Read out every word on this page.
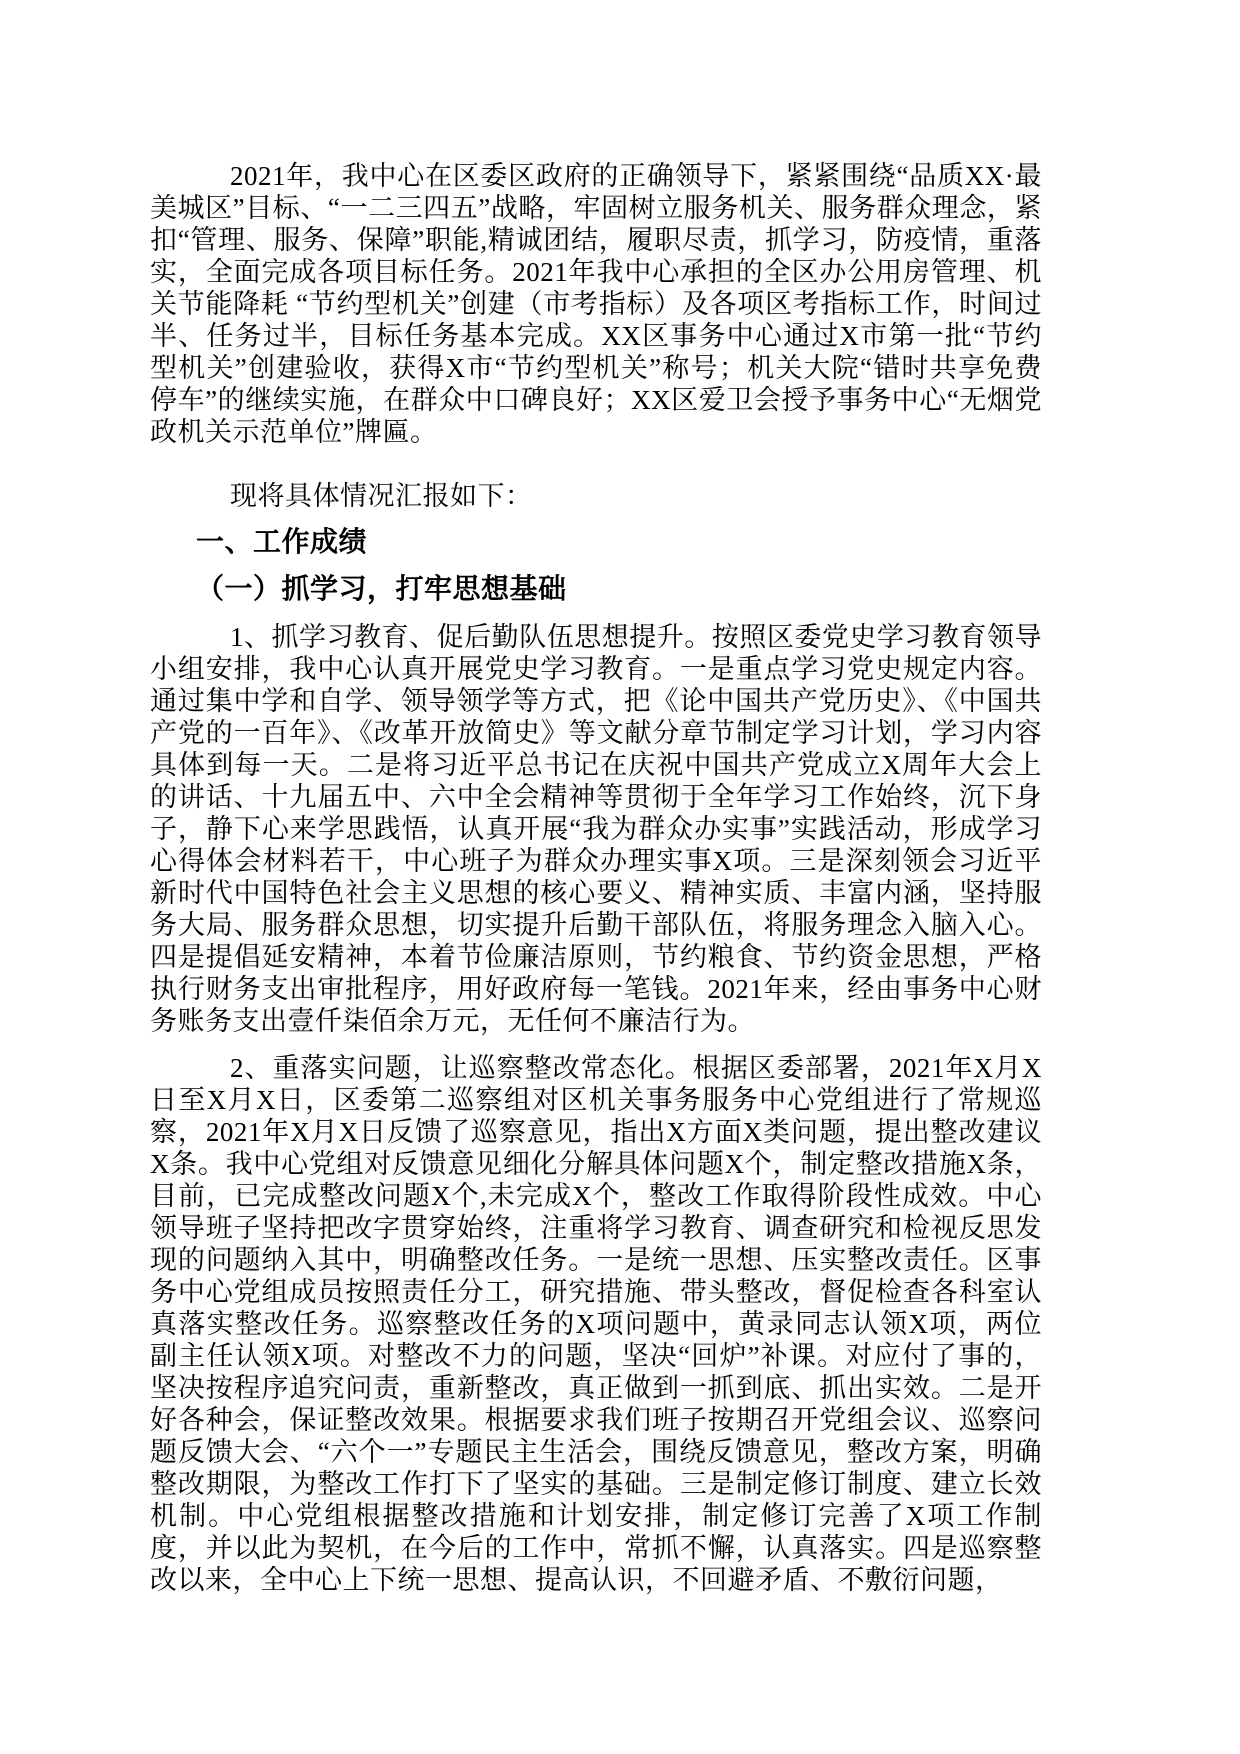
2021年，我中心在区委区政府的正确领导下，紧紧围绕“品质XX·最美城区”目标、“一二三四五”战略，牢固树立服务机关、服务群众理念，紧扣“管理、服务、保障”职能,精诚团结，履职尽责，抓学习，防疫情，重落实，全面完成各项目标任务。2021年我中心承担的全区办公用房管理、机关节能降耗 “节约型机关”创建（市考指标）及各项区考指标工作，时间过半、任务过半，目标任务基本完成。XX区事务中心通过X市第一批“节约型机关”创建验收，获得X市“节约型机关”称号；机关大院“错时共享免费停车”的继续实施，在群众中口碑良好；XX区爱卫会授予事务中心“无烟党政机关示范单位”牌匾。

现将具体情况汇报如下：

一、工作成绩
（一）抓学习，打牢思想基础

1、抓学习教育、促后勤队伍思想提升。按照区委党史学习教育领导小组安排，我中心认真开展党史学习教育。一是重点学习党史规定内容。通过集中学和自学、领导领学等方式，把《论中国共产党历史》、《中国共产党的一百年》、《改革开放简史》等文献分章节制定学习计划，学习内容具体到每一天。二是将习近平总书记在庆祝中国共产党成立X周年大会上的讲话、十九届五中、六中全会精神等贯彻于全年学习工作始终，沉下身子，静下心来学思践悟，认真开展“我为群众办实事”实践活动，形成学习心得体会材料若干，中心班子为群众办理实事X项。三是深刻领会习近平新时代中国特色社会主义思想的核心要义、精神实质、丰富内涵，坚持服务大局、服务群众思想，切实提升后勤干部队伍，将服务理念入脑入心。四是提倡延安精神，本着节俭廉洁原则，节约粮食、节约资金思想，严格执行财务支出审批程序，用好政府每一笔钱。2021年来，经由事务中心财务账务支出壹仟柒佰余万元，无任何不廉洁行为。

2、重落实问题，让巡察整改常态化。根据区委部署，2021年X月X日至X月X日，区委第二巡察组对区机关事务服务中心党组进行了常规巡察，2021年X月X日反馈了巡察意见，指出X方面X类问题，提出整改建议X条。我中心党组对反馈意见细化分解具体问题X个，制定整改措施X条，目前，已完成整改问题X个,未完成X个，整改工作取得阶段性成效。中心领导班子坚持把改字贯穿始终，注重将学习教育、调查研究和检视反思发现的问题纳入其中，明确整改任务。一是统一思想、压实整改责任。区事务中心党组成员按照责任分工，研究措施、带头整改，督促检查各科室认真落实整改任务。巡察整改任务的X项问题中，黄录同志认领X项，两位副主任认领X项。对整改不力的问题，坚决“回炉”补课。对应付了事的，坚决按程序追究问责，重新整改，真正做到一抓到底、抓出实效。二是开好各种会，保证整改效果。根据要求我们班子按期召开党组会议、巡察问题反馈大会、“六个一”专题民主生活会，围绕反馈意见，整改方案，明确整改期限，为整改工作打下了坚实的基础。三是制定修订制度、建立长效机制。中心党组根据整改措施和计划安排，制定修订完善了X项工作制度，并以此为契机，在今后的工作中，常抓不懈，认真落实。四是巡察整改以来，全中心上下统一思想、提高认识，不回避矛盾、不敷衍问题，
